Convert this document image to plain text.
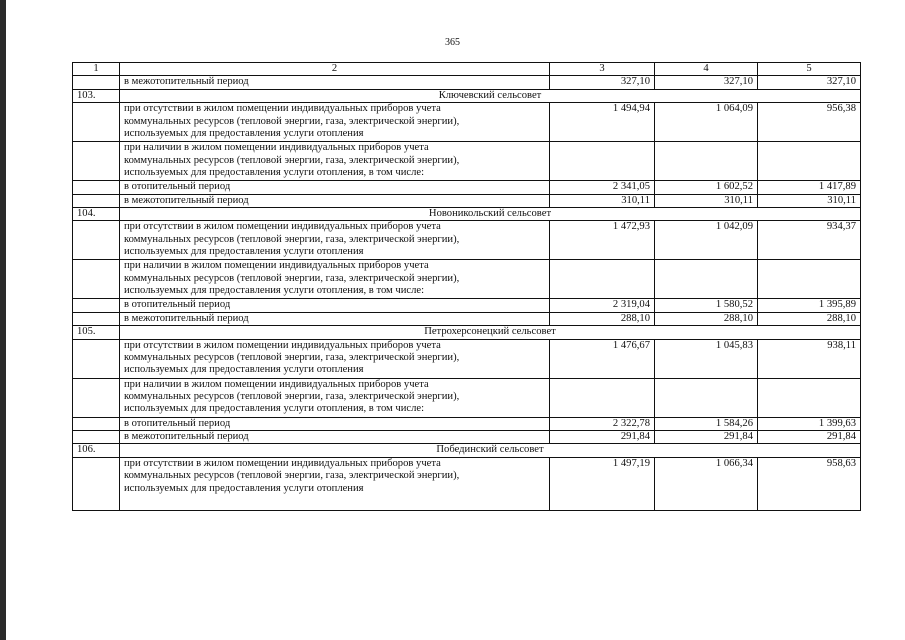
365
1	2	3	4	5
	в межотопительный период	327,10	327,10	327,10
103.	Ключевский сельсовет			

	при отсутствии в жилом помещении индивидуальных приборов учета
коммунальных ресурсов (тепловой энергии, газа, электрической энергии),
используемых для предоставления услуги отопления	1 494,94	1 064,09	956,38

	при наличии в жилом помещении индивидуальных приборов учета
коммунальных ресурсов (тепловой энергии, газа, электрической энергии),
используемых для предоставления услуги отопления, в том числе:			

	в отопительный период	2 341,05	1 602,52	1 417,89
	в межотопительный период	310,11	310,11	310,11
104.	Новоникольский сельсовет			

	при отсутствии в жилом помещении индивидуальных приборов учета
коммунальных ресурсов (тепловой энергии, газа, электрической энергии),
используемых для предоставления услуги отопления	1 472,93	1 042,09	934,37

	при наличии в жилом помещении индивидуальных приборов учета
коммунальных ресурсов (тепловой энергии, газа, электрической энергии),
используемых для предоставления услуги отопления, в том числе:			

	в отопительный период	2 319,04	1 580,52	1 395,89
	в межотопительный период	288,10	288,10	288,10
105.	Петрохерсонецкий сельсовет			

	при отсутствии в жилом помещении индивидуальных приборов учета
коммунальных ресурсов (тепловой энергии, газа, электрической энергии),
используемых для предоставления услуги отопления	1 476,67	1 045,83	938,11

	при наличии в жилом помещении индивидуальных приборов учета
коммунальных ресурсов (тепловой энергии, газа, электрической энергии),
используемых для предоставления услуги отопления, в том числе:			

	в отопительный период	2 322,78	1 584,26	1 399,63
	в межотопительный период	291,84	291,84	291,84
106.	Побединский сельсовет			

	при отсутствии в жилом помещении индивидуальных приборов учета
коммунальных ресурсов (тепловой энергии, газа, электрической энергии),
используемых для предоставления услуги отопления	1 497,19	1 066,34	958,63
